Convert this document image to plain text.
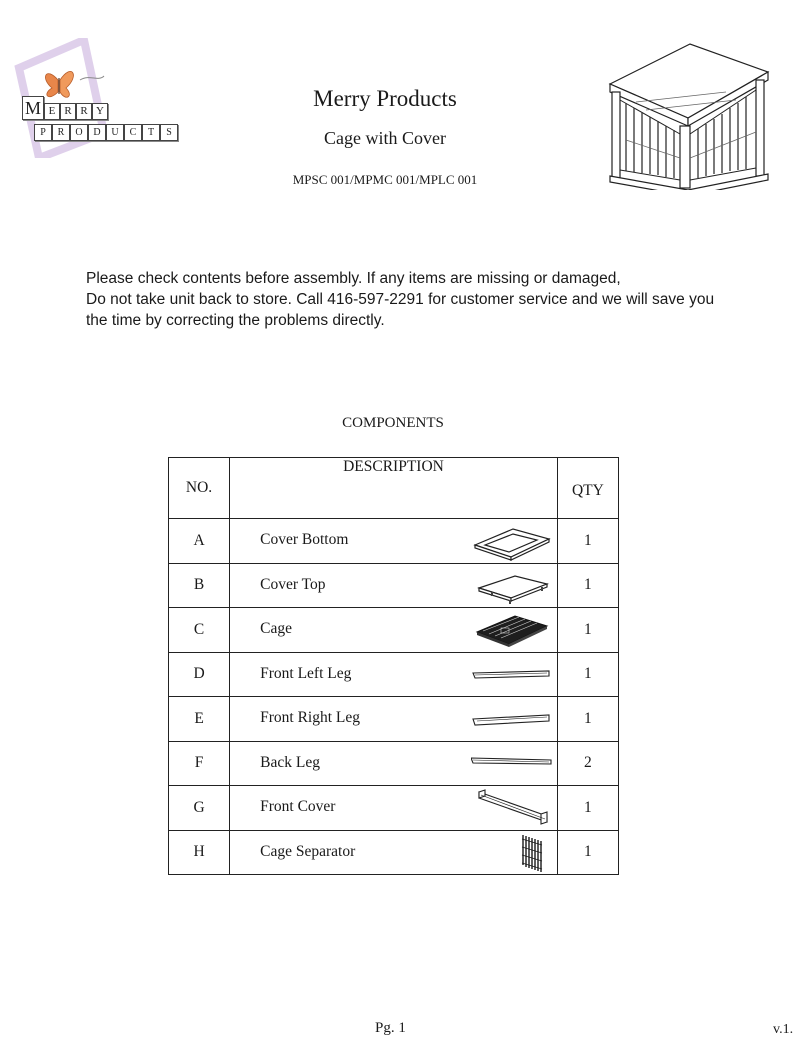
M E R R Y
P R O D U C T S
Merry Products
Cage with Cover
MPSC 001/MPMC 001/MPLC 001
Please check contents before assembly. If any items are missing or damaged,
Do not take unit back to store. Call 416-597-2291 for customer service and we will save you
the time by correcting the problems directly.
COMPONENTS
NO.	DESCRIPTION	QTY
A	Cover Bottom	1
B	Cover Top	1
C	Cage	1
D	Front Left Leg	1
E	Front Right Leg	1
F	Back Leg	2
G	Front Cover	1
H	Cage Separator	1
Pg. 1	v.1.
